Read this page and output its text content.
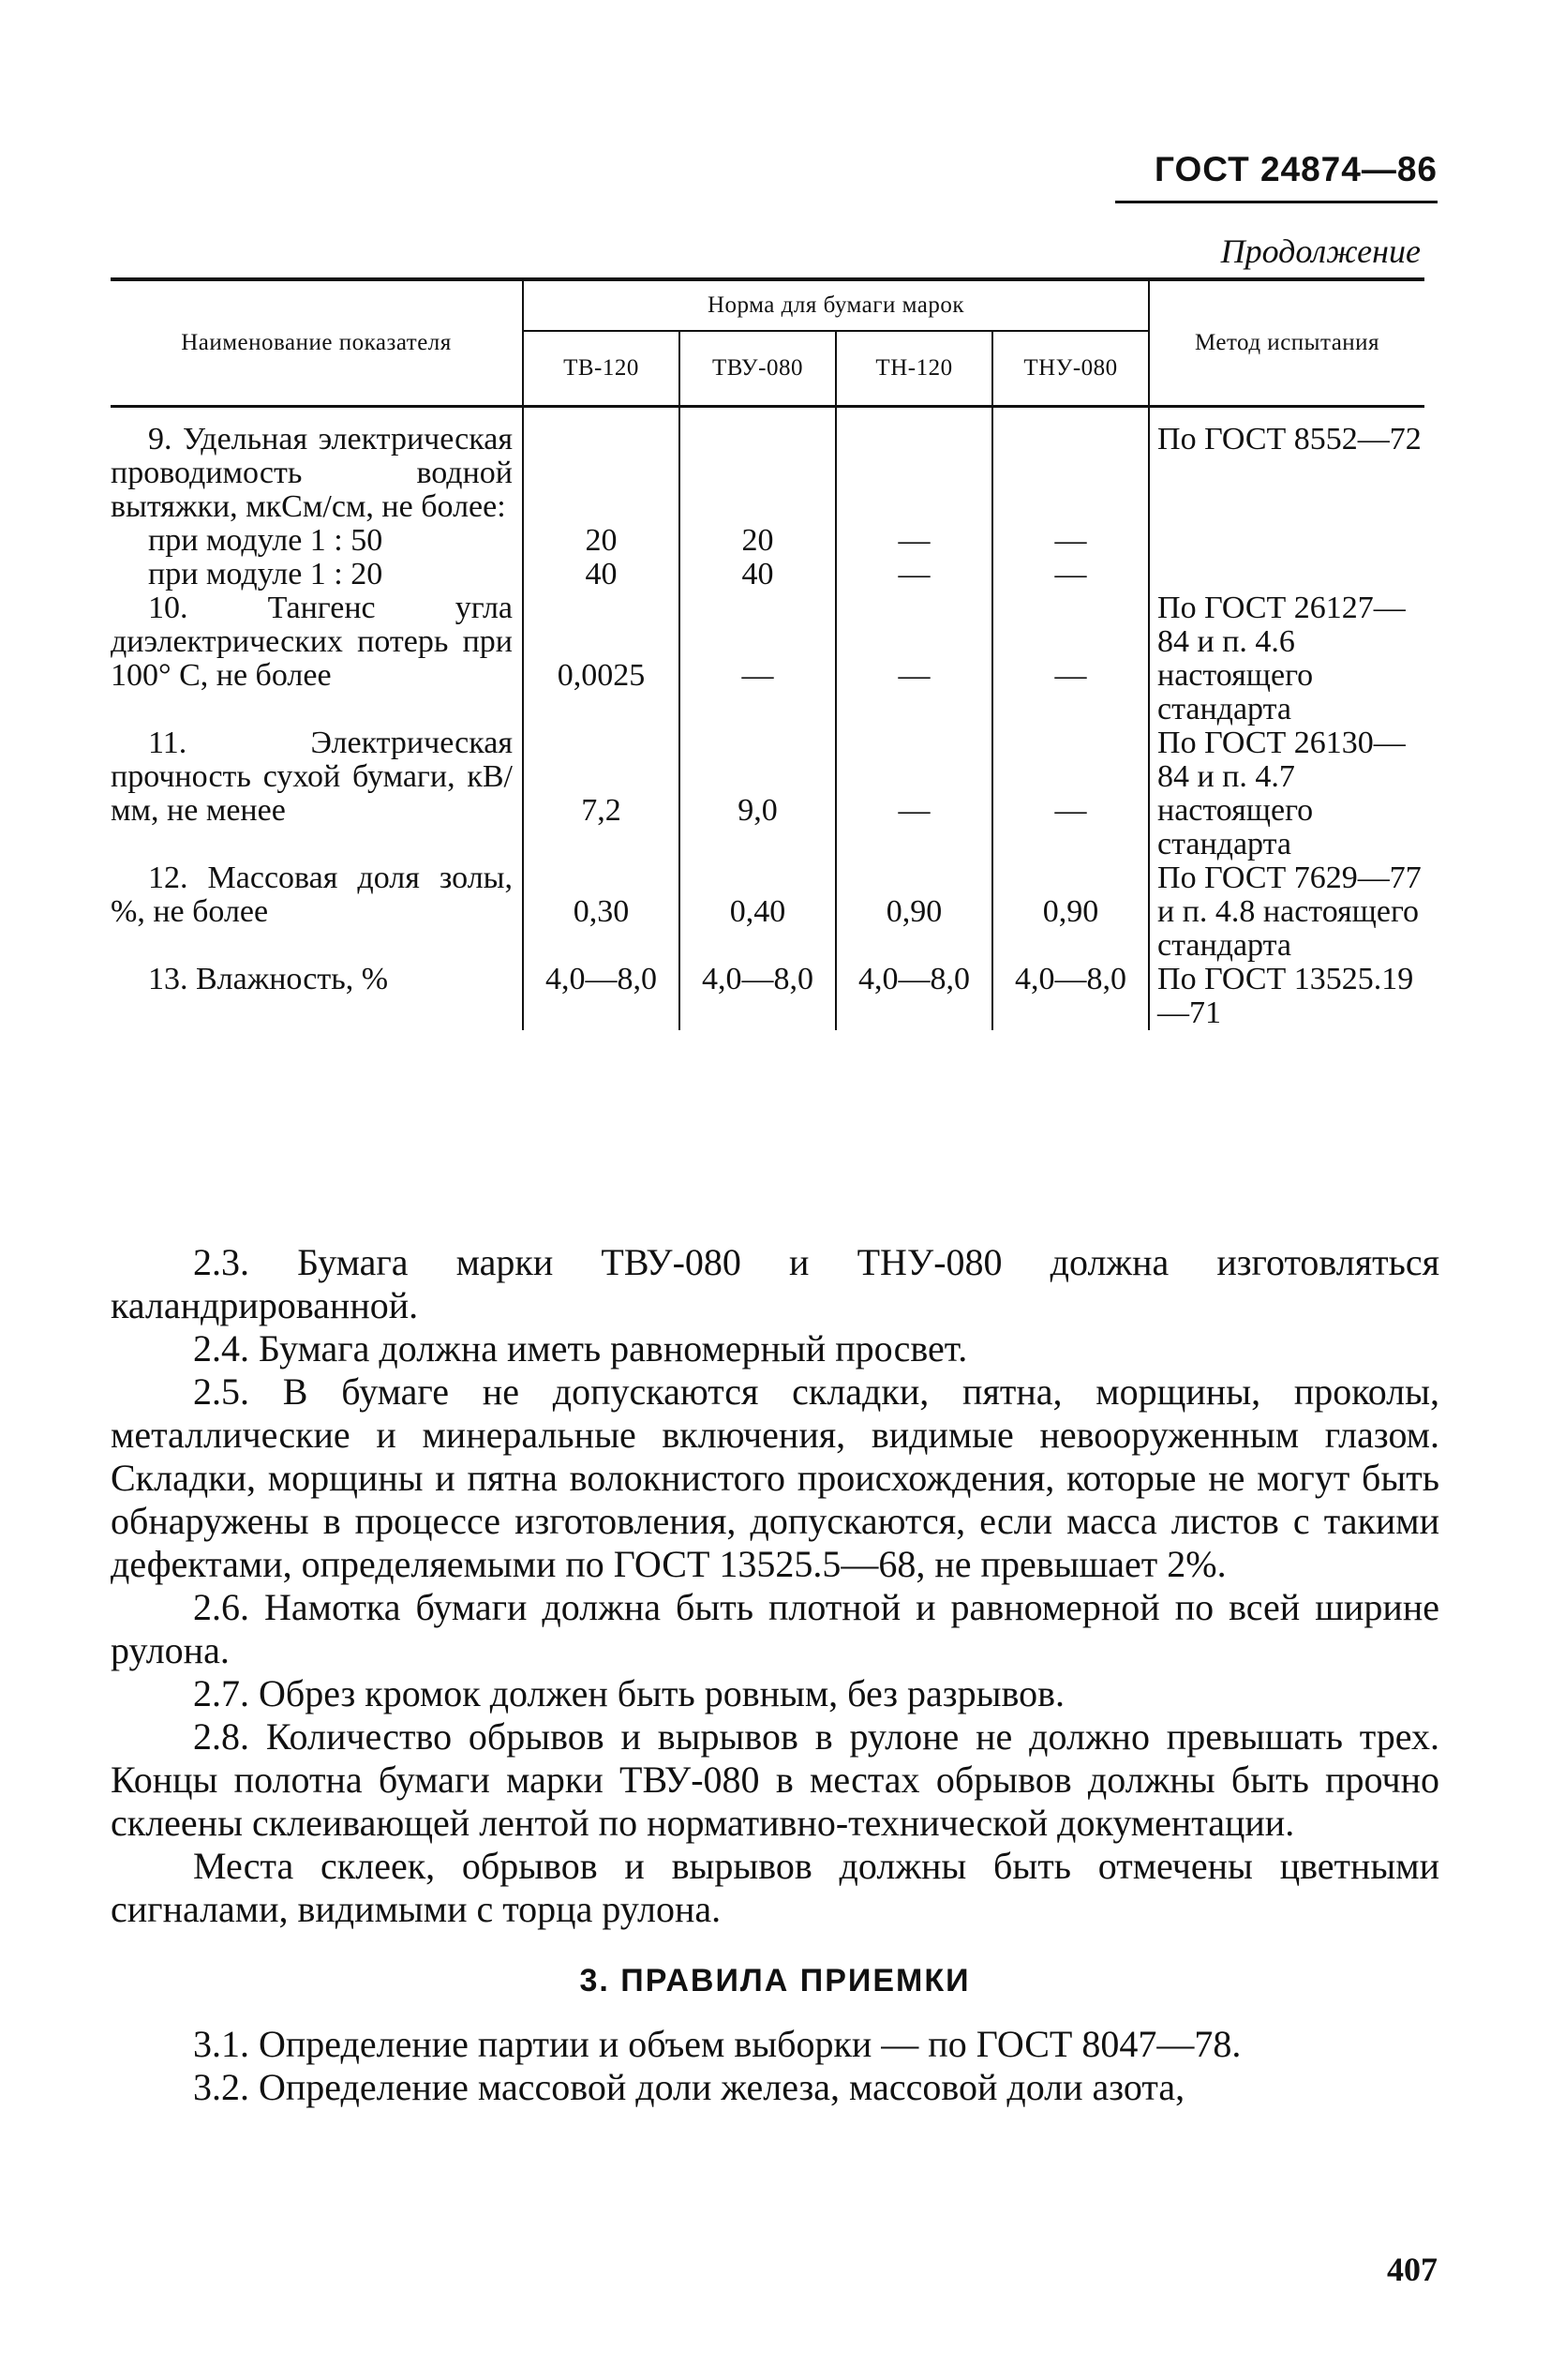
ГОСТ 24874—86
Продолжение
Наименование показателя	Норма для бумаги марок				Метод испытания
	ТВ-120	ТВУ-080	ТН-120	ТНУ-080	

9. Удельная электрическая проводимость водной вытяжки, мкСм/см, не более:					По ГОСТ 8552—72

при модуле 1 : 50	20	20	—	—	

при модуле 1 : 20	40	40	—	—	

10. Тангенс угла диэлектрических потерь при 100° С, не более	0,0025	—	—	—	По ГОСТ 26127—84 и п. 4.6 настоящего стандарта

11. Электрическая прочность сухой бумаги, кВ/мм, не менее	7,2	9,0	—	—	По ГОСТ 26130—84 и п. 4.7 настоящего стандарта

12. Массовая доля золы, %, не более	0,30	0,40	0,90	0,90	По ГОСТ 7629—77 и п. 4.8 настоящего стандарта

13. Влажность, %	4,0—8,0	4,0—8,0	4,0—8,0	4,0—8,0	По ГОСТ 13525.19—71

2.3. Бумага марки ТВУ-080 и ТНУ-080 должна изготовляться каландрированной.

2.4. Бумага должна иметь равномерный просвет.

2.5. В бумаге не допускаются складки, пятна, морщины, проколы, металлические и минеральные включения, видимые невооруженным глазом. Складки, морщины и пятна волокнистого происхождения, которые не могут быть обнаружены в процессе изготовления, допускаются, если масса листов с такими дефектами, определяемыми по ГОСТ 13525.5—68, не превышает 2%.

2.6. Намотка бумаги должна быть плотной и равномерной по всей ширине рулона.

2.7. Обрез кромок должен быть ровным, без разрывов.

2.8. Количество обрывов и вырывов в рулоне не должно превышать трех. Концы полотна бумаги марки ТВУ-080 в местах обрывов должны быть прочно склеены склеивающей лентой по нормативно-технической документации.

Места склеек, обрывов и вырывов должны быть отмечены цветными сигналами, видимыми с торца рулона.

3. ПРАВИЛА ПРИЕМКИ

3.1. Определение партии и объем выборки — по ГОСТ 8047—78.

3.2. Определение массовой доли железа, массовой доли азота,

407
